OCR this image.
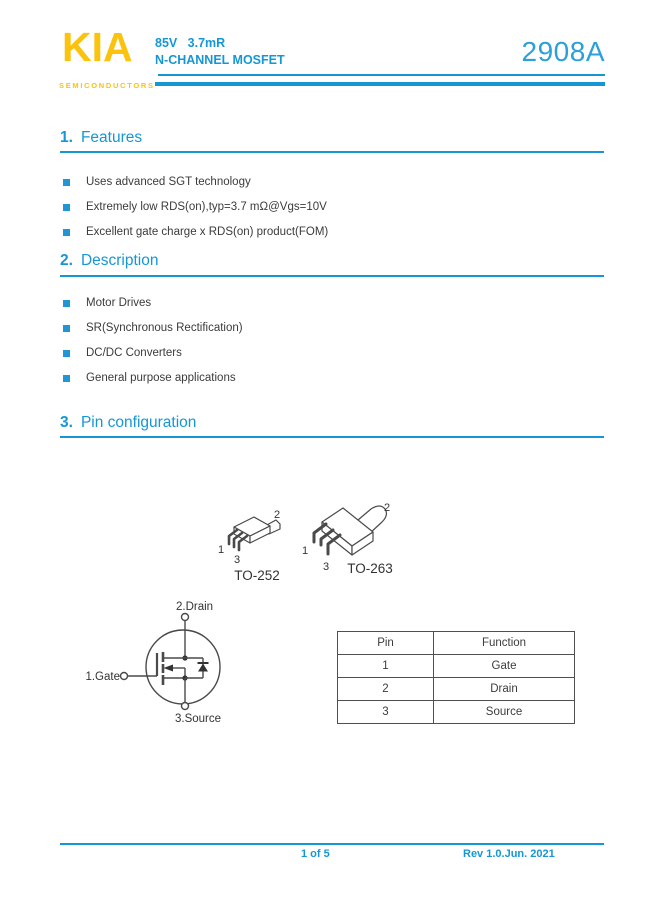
KIA
SEMICONDUCTORS
85V   3.7mR
N-CHANNEL MOSFET	2908A
1. Features
Uses advanced SGT technology
Extremely low RDS(on),typ=3.7 mΩ@Vgs=10V
Excellent gate charge x RDS(on) product(FOM)
2. Description
Motor Drives
SR(Synchronous Rectification)
DC/DC Converters
General purpose applications
3. Pin configuration
1
2
3
TO-252
1
2
3 TO-263
2.Drain
1.Gate
3.Source
Pin	Function
1	Gate
2	Drain
3	Source
1 of 5	Rev 1.0.Jun. 2021
